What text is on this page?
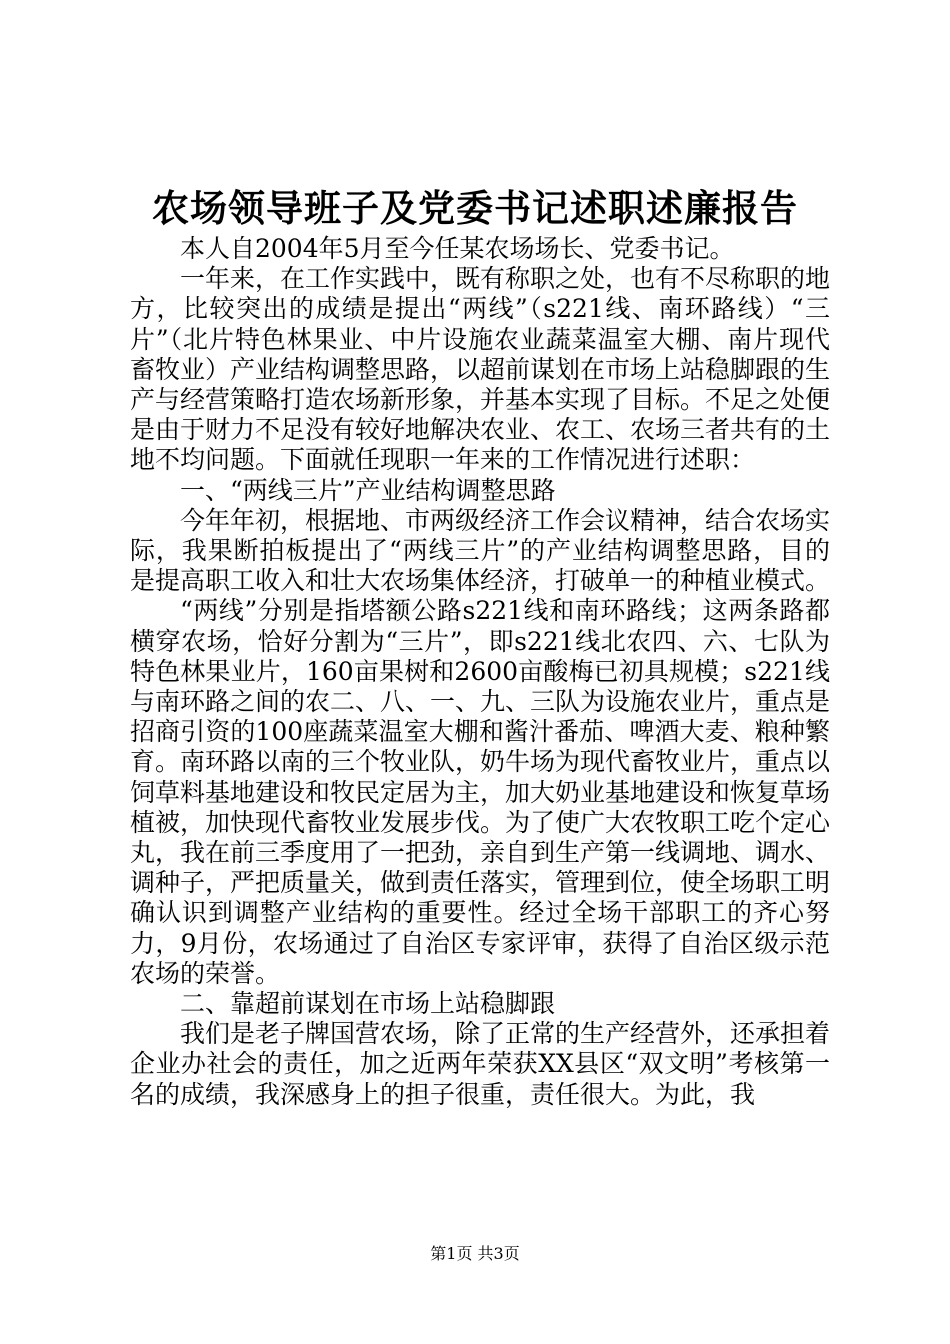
农场领导班子及党委书记述职述廉报告

本人自2004年5月至今任某农场场长、党委书记。

一年来，在工作实践中，既有称职之处，也有不尽称职的地方，比较突出的成绩是提出“两线”（s221线、南环路线）“三片”（北片特色林果业、中片设施农业蔬菜温室大棚、南片现代畜牧业）产业结构调整思路，以超前谋划在市场上站稳脚跟的生产与经营策略打造农场新形象，并基本实现了目标。不足之处便是由于财力不足没有较好地解决农业、农工、农场三者共有的土地不均问题。下面就任现职一年来的工作情况进行述职：

一、“两线三片”产业结构调整思路

今年年初，根据地、市两级经济工作会议精神，结合农场实际，我果断拍板提出了“两线三片”的产业结构调整思路，目的是提高职工收入和壮大农场集体经济，打破单一的种植业模式。

“两线”分别是指塔额公路s221线和南环路线；这两条路都横穿农场，恰好分割为“三片”，即s221线北农四、六、七队为特色林果业片，160亩果树和2600亩酸梅已初具规模；s221线与南环路之间的农二、八、一、九、三队为设施农业片，重点是招商引资的100座蔬菜温室大棚和酱汁番茄、啤酒大麦、粮种繁育。南环路以南的三个牧业队，奶牛场为现代畜牧业片，重点以饲草料基地建设和牧民定居为主，加大奶业基地建设和恢复草场植被，加快现代畜牧业发展步伐。为了使广大农牧职工吃个定心丸，我在前三季度用了一把劲，亲自到生产第一线调地、调水、调种子，严把质量关，做到责任落实，管理到位，使全场职工明确认识到调整产业结构的重要性。经过全场干部职工的齐心努力，9月份，农场通过了自治区专家评审，获得了自治区级示范农场的荣誉。

二、靠超前谋划在市场上站稳脚跟

我们是老子牌国营农场，除了正常的生产经营外，还承担着企业办社会的责任，加之近两年荣获XX县区“双文明”考核第一名的成绩，我深感身上的担子很重，责任很大。为此，我

第1页 共3页
